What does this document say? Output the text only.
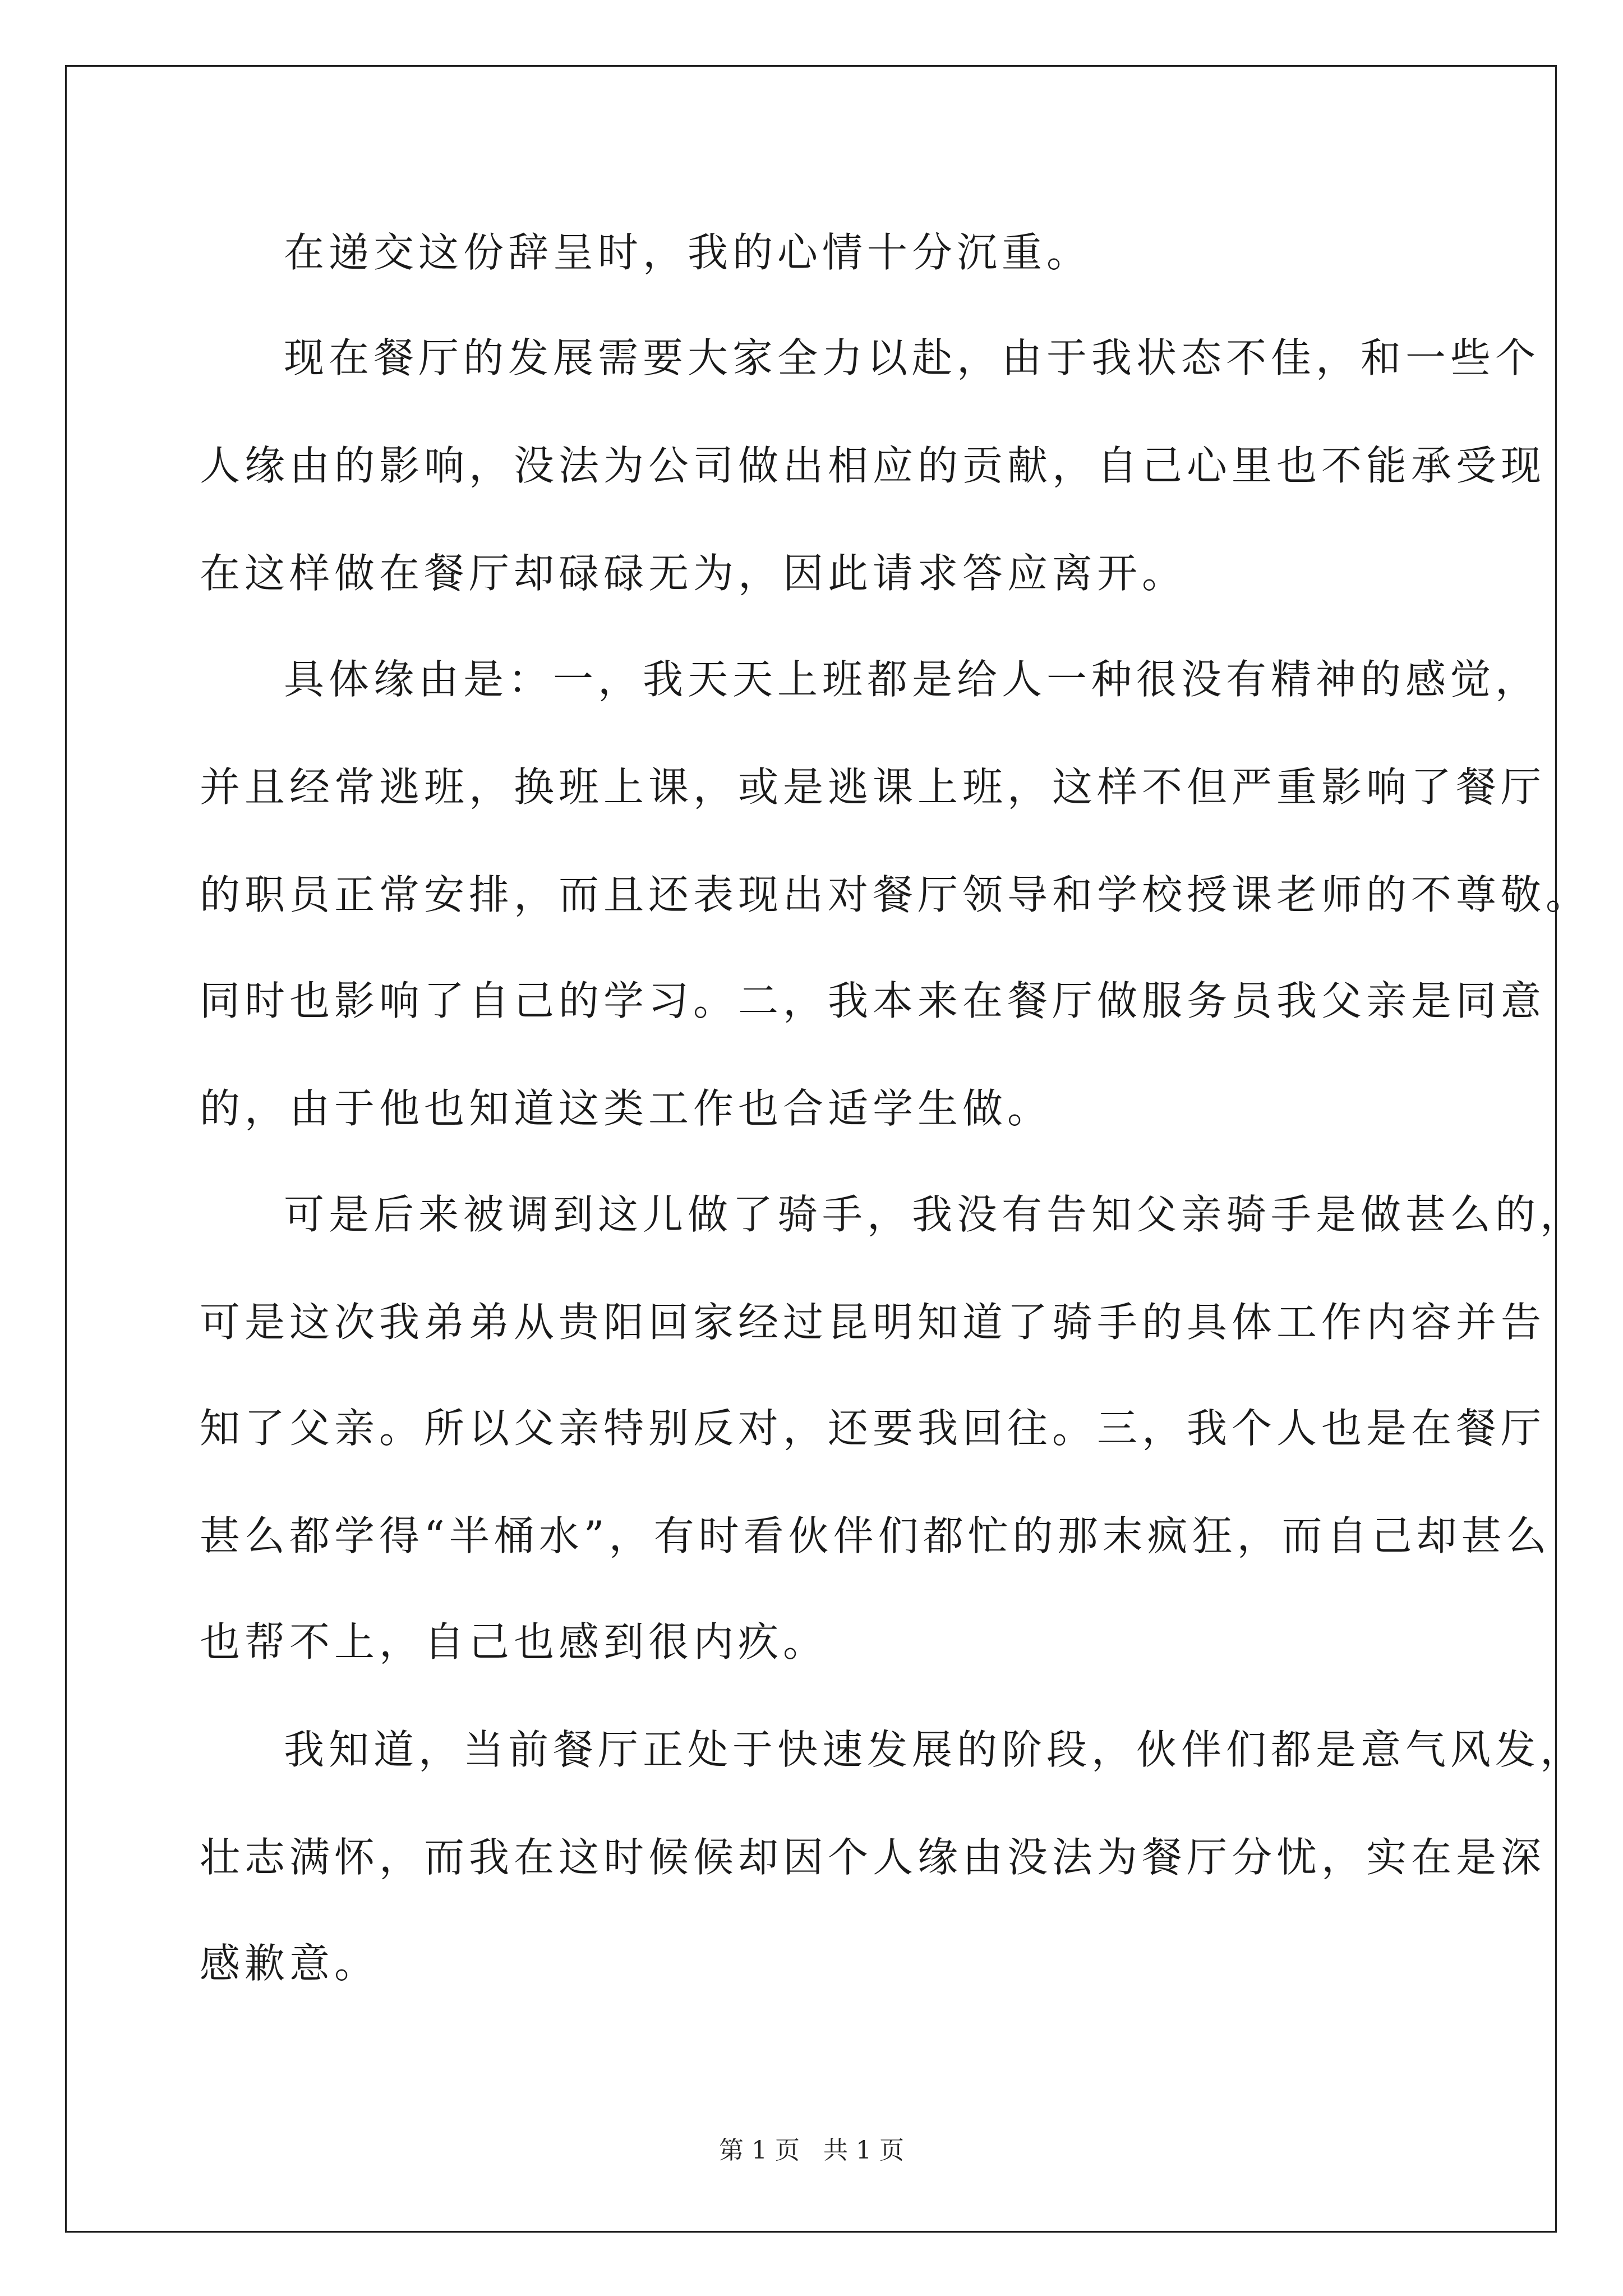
在递交这份辞呈时，我的心情十分沉重。
现在餐厅的发展需要大家全力以赴，由于我状态不佳，和一些个
人缘由的影响，没法为公司做出相应的贡献，自己心里也不能承受现
在这样做在餐厅却碌碌无为，因此请求答应离开。
具体缘由是：一，我天天上班都是给人一种很没有精神的感觉，
并且经常逃班，换班上课，或是逃课上班，这样不但严重影响了餐厅
的职员正常安排，而且还表现出对餐厅领导和学校授课老师的不尊敬。
同时也影响了自己的学习。二，我本来在餐厅做服务员我父亲是同意
的，由于他也知道这类工作也合适学生做。
可是后来被调到这儿做了骑手，我没有告知父亲骑手是做甚么的，
可是这次我弟弟从贵阳回家经过昆明知道了骑手的具体工作内容并告
知了父亲。所以父亲特别反对，还要我回往。三，我个人也是在餐厅
甚么都学得“半桶水”，有时看伙伴们都忙的那末疯狂，而自己却甚么
也帮不上，自己也感到很内疚。
我知道，当前餐厅正处于快速发展的阶段，伙伴们都是意气风发，
壮志满怀，而我在这时候候却因个人缘由没法为餐厅分忧，实在是深
感歉意。
第 1 页 共 1 页
